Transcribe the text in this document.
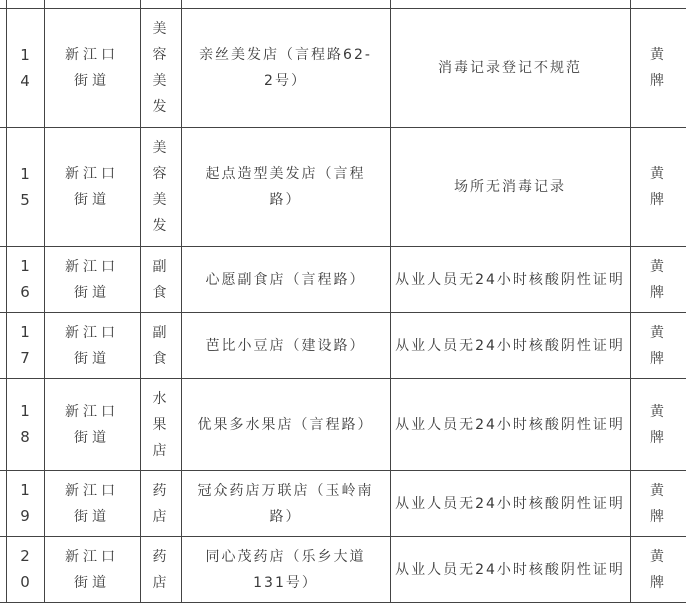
	14	新江口街道	美容美发	亲丝美发店（言程路62-2号）	消毒记录登记不规范	黄牌
	15	新江口街道	美容美发	起点造型美发店（言程路）	场所无消毒记录	黄牌
	16	新江口街道	副食	心愿副食店（言程路）	从业人员无24小时核酸阴性证明	黄牌
	17	新江口街道	副食	芭比小豆店（建设路）	从业人员无24小时核酸阴性证明	黄牌
	18	新江口街道	水果店	优果多水果店（言程路）	从业人员无24小时核酸阴性证明	黄牌
	19	新江口街道	药店	冠众药店万联店（玉岭南路）	从业人员无24小时核酸阴性证明	黄牌
	20	新江口街道	药店	同心茂药店（乐乡大道131号）	从业人员无24小时核酸阴性证明	黄牌
